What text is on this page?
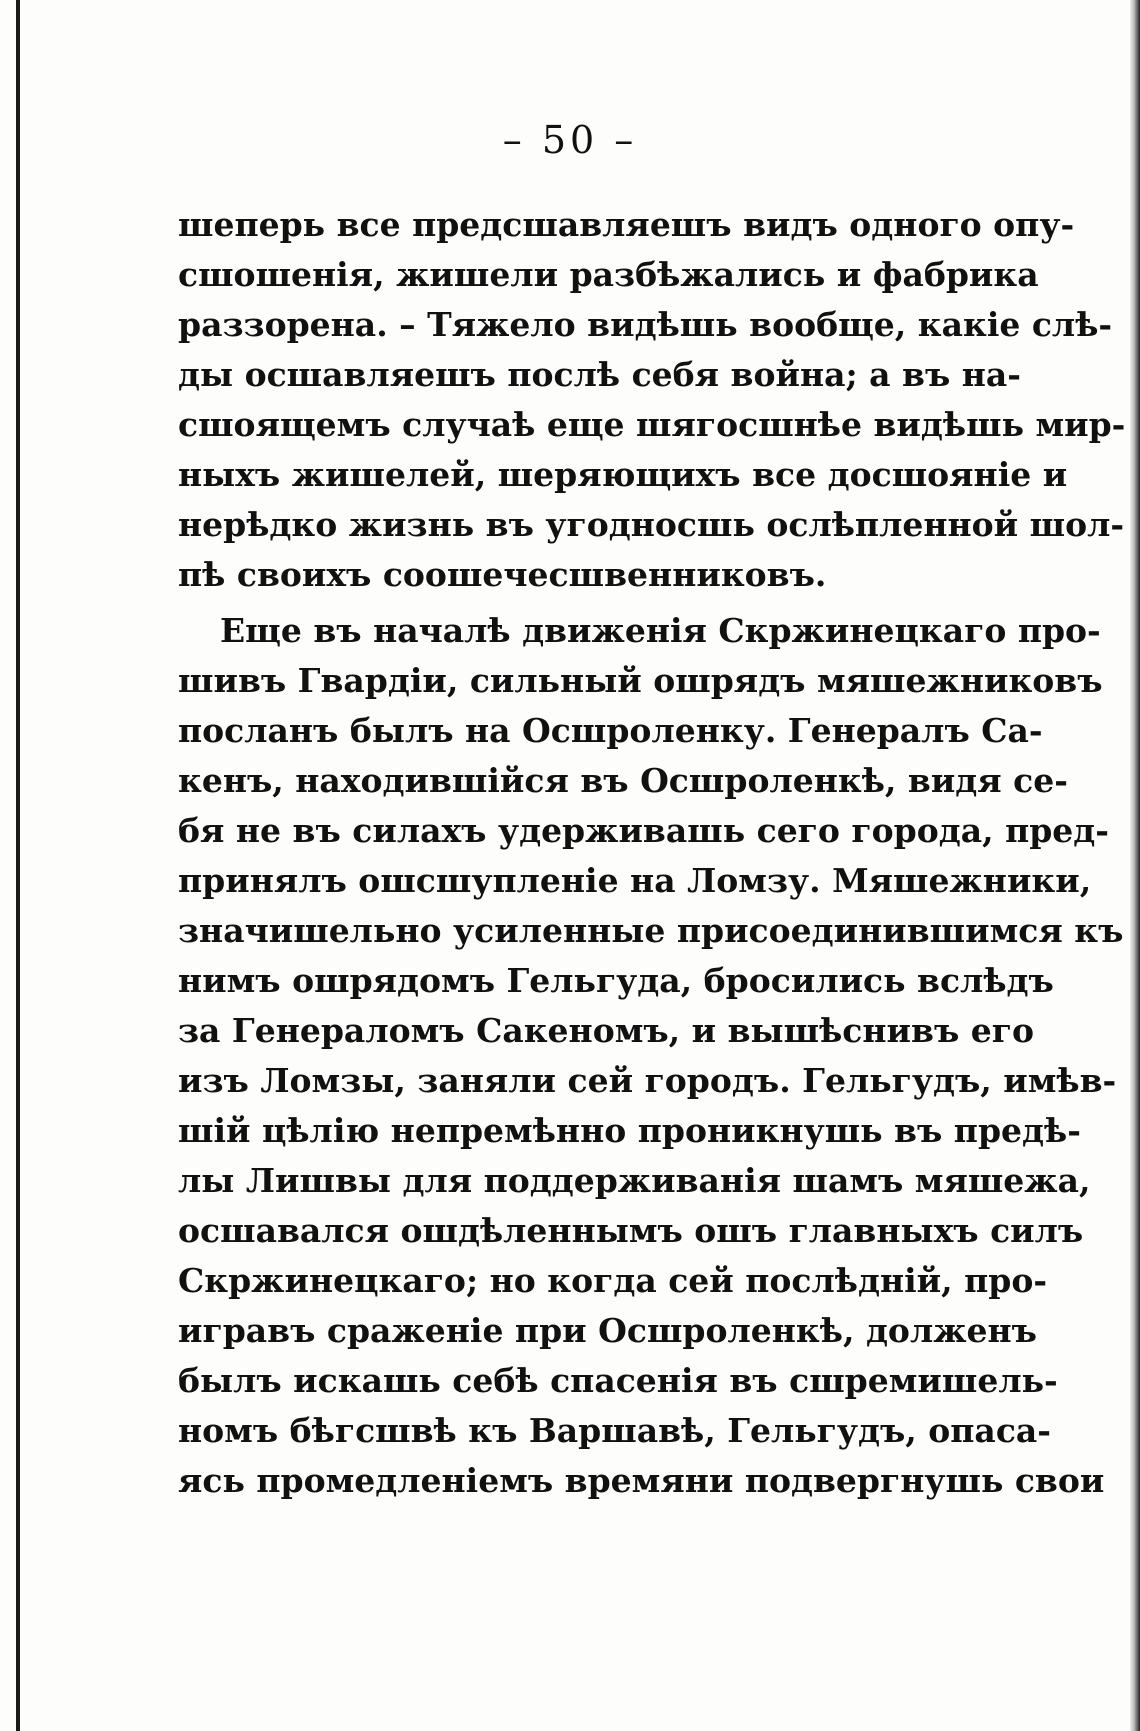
– 50 –
шеперь все предсшавляешъ видъ одного опу-
сшошенія, жишели разбѣжались и фабрика
раззорена. – Тяжело видѣшь вообще, какіе слѣ-
ды осшавляешъ послѣ себя война; а въ на-
сшоящемъ случаѣ еще шягосшнѣе видѣшь мир-
ныхъ жишелей, шеряющихъ все досшояніе и
нерѣдко жизнь въ угодносшь ослѣпленной шол-
пѣ своихъ соошечесшвенниковъ.
Еще въ началѣ движенія Скржинецкаго про-
шивъ Гвардіи, сильный ошрядъ мяшежниковъ
посланъ былъ на Осшроленку. Генералъ Са-
кенъ, находившійся въ Осшроленкѣ, видя се-
бя не въ силахъ удерживашь сего города, пред-
принялъ ошсшупленіе на Ломзу. Мяшежники,
значишельно усиленные присоединившимся къ
нимъ ошрядомъ Гельгуда, бросились вслѣдъ
за Генераломъ Сакеномъ, и вышѣснивъ его
изъ Ломзы, заняли сей городъ. Гельгудъ, имѣв-
шій цѣлію непремѣнно проникнушь въ предѣ-
лы Лишвы для поддерживанія шамъ мяшежа,
осшавался ошдѣленнымъ ошъ главныхъ силъ
Скржинецкаго; но когда сей послѣдній, про-
игравъ сраженіе при Осшроленкѣ, долженъ
былъ искашь себѣ спасенія въ сшремишель-
номъ бѣгсшвѣ къ Варшавѣ, Гельгудъ, опаса-
ясь промедленіемъ времяни подвергнушь свои
